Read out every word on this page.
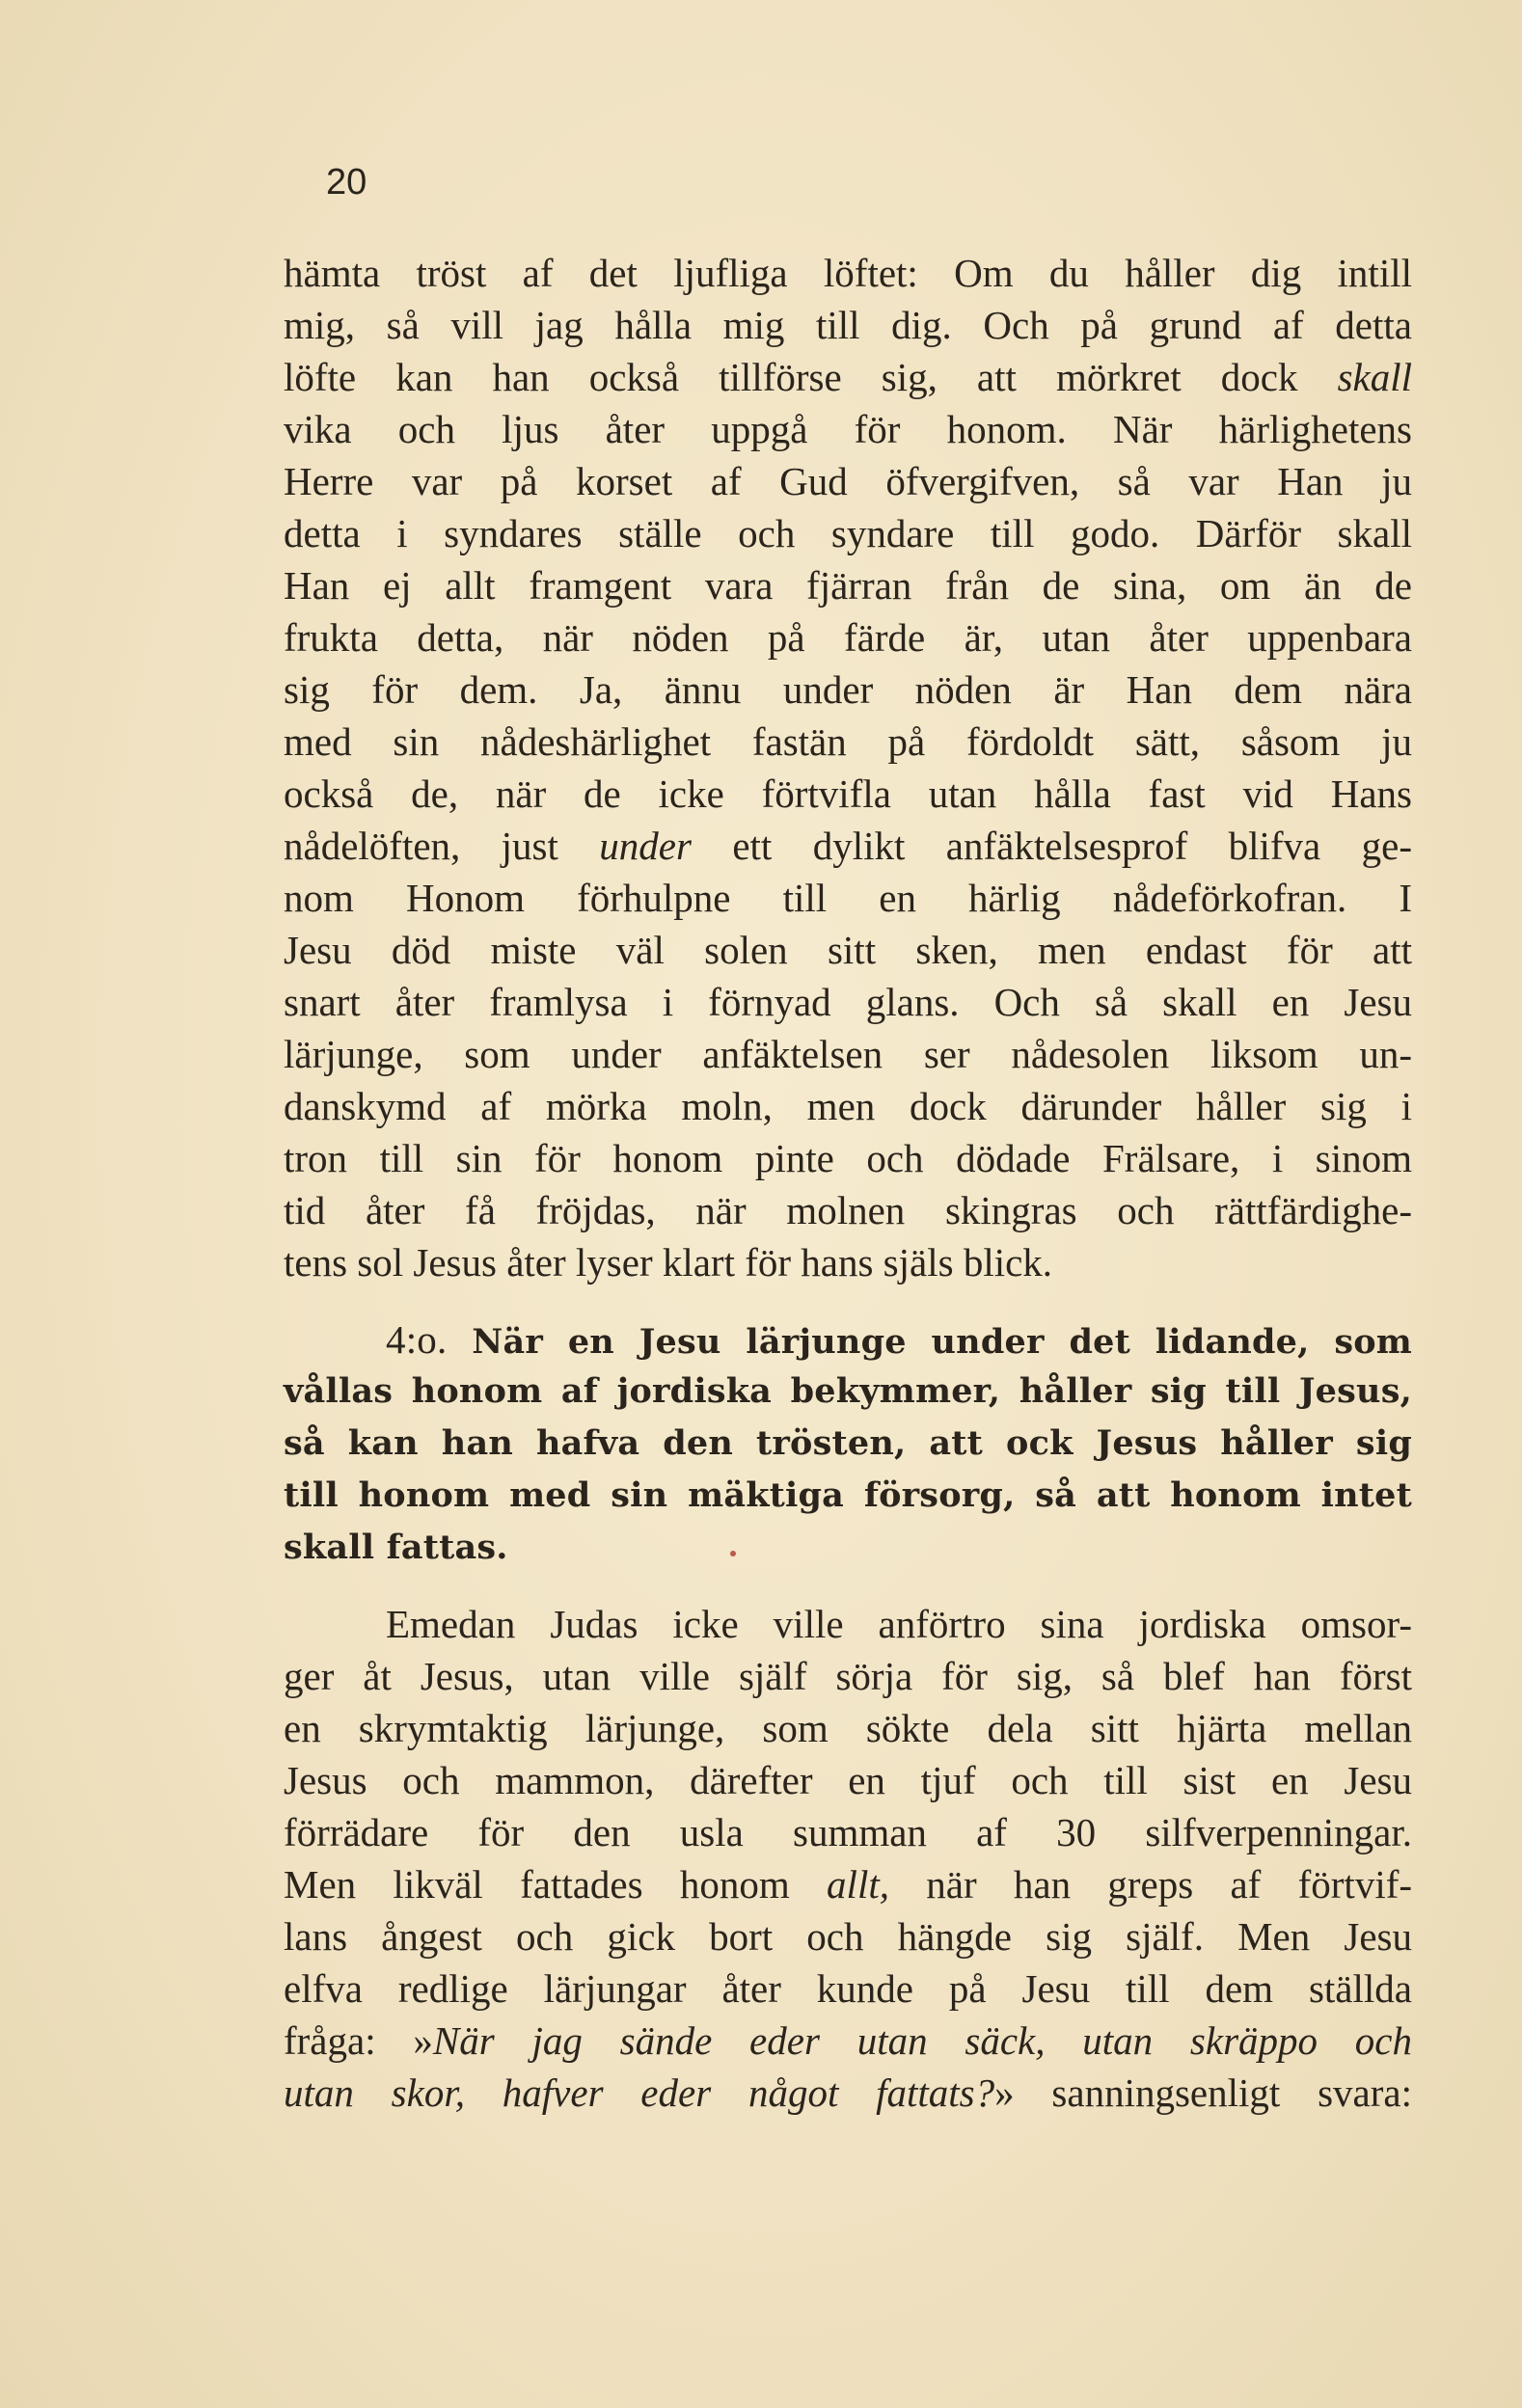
20
hämta tröst af det ljufliga löftet: Om du håller dig intill
mig, så vill jag hålla mig till dig. Och på grund af detta
löfte kan han också tillförse sig, att mörkret dock skall
vika och ljus åter uppgå för honom. När härlighetens
Herre var på korset af Gud öfvergifven, så var Han ju
detta i syndares ställe och syndare till godo. Därför skall
Han ej allt framgent vara fjärran från de sina, om än de
frukta detta, när nöden på färde är, utan åter uppenbara
sig för dem. Ja, ännu under nöden är Han dem nära
med sin nådeshärlighet fastän på fördoldt sätt, såsom ju
också de, när de icke förtvifla utan hålla fast vid Hans
nådelöften, just under ett dylikt anfäktelsesprof blifva ge-
nom Honom förhulpne till en härlig nådeförkofran. I
Jesu död miste väl solen sitt sken, men endast för att
snart åter framlysa i förnyad glans. Och så skall en Jesu
lärjunge, som under anfäktelsen ser nådesolen liksom un-
danskymd af mörka moln, men dock därunder håller sig i
tron till sin för honom pinte och dödade Frälsare, i sinom
tid åter få fröjdas, när molnen skingras och rättfärdighe-
tens sol Jesus åter lyser klart för hans själs blick.
4:o. När en Jesu lärjunge under det lidande, som
vållas honom af jordiska bekymmer, håller sig till Jesus,
så kan han hafva den trösten, att ock Jesus håller sig
till honom med sin mäktiga försorg, så att honom intet
skall fattas.
Emedan Judas icke ville anförtro sina jordiska omsor-
ger åt Jesus, utan ville själf sörja för sig, så blef han först
en skrymtaktig lärjunge, som sökte dela sitt hjärta mellan
Jesus och mammon, därefter en tjuf och till sist en Jesu
förrädare för den usla summan af 30 silfverpenningar.
Men likväl fattades honom allt, när han greps af förtvif-
lans ångest och gick bort och hängde sig själf. Men Jesu
elfva redlige lärjungar åter kunde på Jesu till dem ställda
fråga: »När jag sände eder utan säck, utan skräppo och
utan skor, hafver eder något fattats?» sanningsenligt svara:
